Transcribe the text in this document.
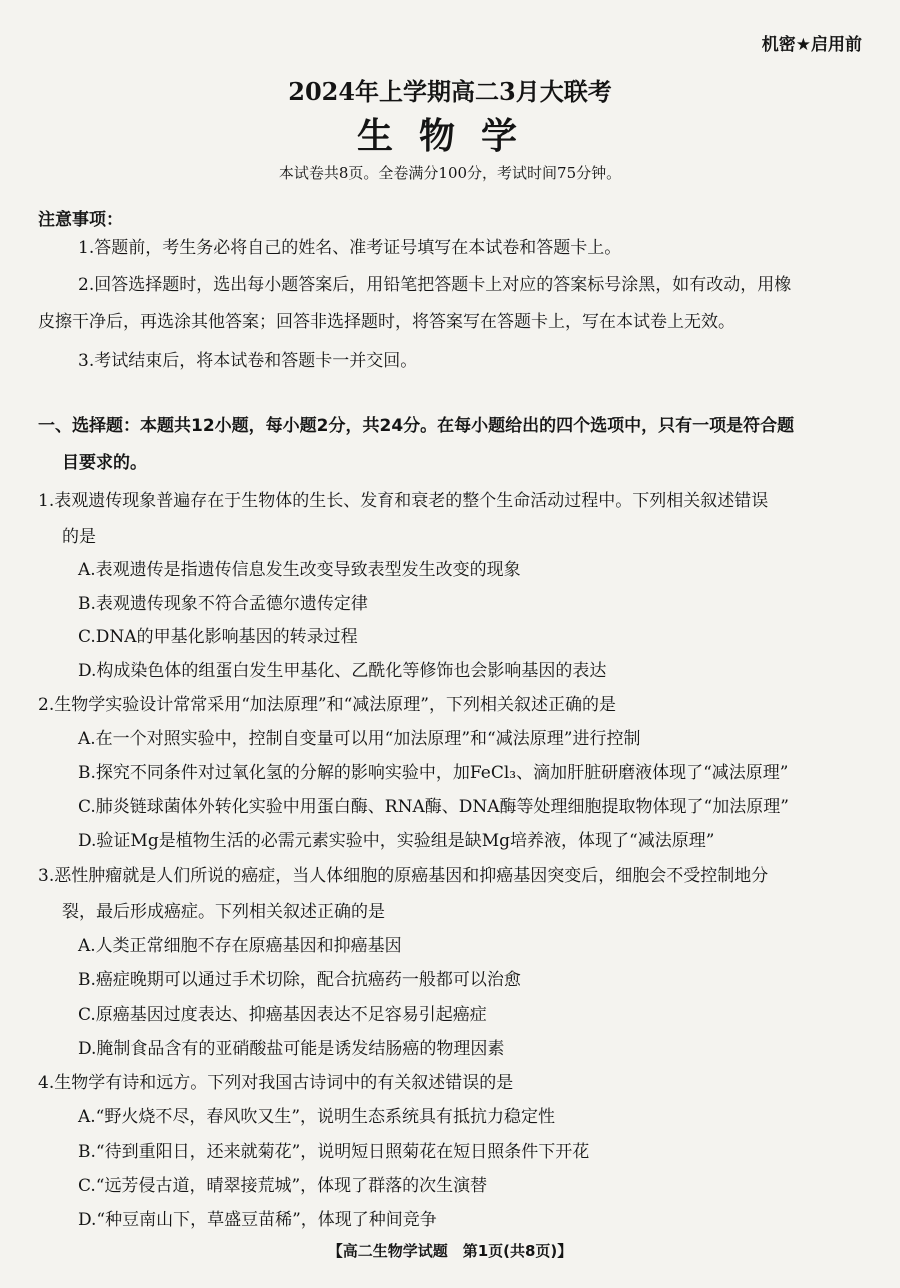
机密★启用前
2024年上学期高二3月大联考
生物学
本试卷共8页。全卷满分100分，考试时间75分钟。
注意事项：
1.答题前，考生务必将自己的姓名、准考证号填写在本试卷和答题卡上。
2.回答选择题时，选出每小题答案后，用铅笔把答题卡上对应的答案标号涂黑，如有改动，用橡
皮擦干净后，再选涂其他答案；回答非选择题时，将答案写在答题卡上，写在本试卷上无效。
3.考试结束后，将本试卷和答题卡一并交回。
一、选择题：本题共12小题，每小题2分，共24分。在每小题给出的四个选项中，只有一项是符合题
目要求的。
1.表观遗传现象普遍存在于生物体的生长、发育和衰老的整个生命活动过程中。下列相关叙述错误
的是
A.表观遗传是指遗传信息发生改变导致表型发生改变的现象
B.表观遗传现象不符合孟德尔遗传定律
C.DNA的甲基化影响基因的转录过程
D.构成染色体的组蛋白发生甲基化、乙酰化等修饰也会影响基因的表达
2.生物学实验设计常常采用“加法原理”和“减法原理”，下列相关叙述正确的是
A.在一个对照实验中，控制自变量可以用“加法原理”和“减法原理”进行控制
B.探究不同条件对过氧化氢的分解的影响实验中，加FeCl₃、滴加肝脏研磨液体现了“减法原理”
C.肺炎链球菌体外转化实验中用蛋白酶、RNA酶、DNA酶等处理细胞提取物体现了“加法原理”
D.验证Mg是植物生活的必需元素实验中，实验组是缺Mg培养液，体现了“减法原理”
3.恶性肿瘤就是人们所说的癌症，当人体细胞的原癌基因和抑癌基因突变后，细胞会不受控制地分
裂，最后形成癌症。下列相关叙述正确的是
A.人类正常细胞不存在原癌基因和抑癌基因
B.癌症晚期可以通过手术切除，配合抗癌药一般都可以治愈
C.原癌基因过度表达、抑癌基因表达不足容易引起癌症
D.腌制食品含有的亚硝酸盐可能是诱发结肠癌的物理因素
4.生物学有诗和远方。下列对我国古诗词中的有关叙述错误的是
A.“野火烧不尽，春风吹又生”，说明生态系统具有抵抗力稳定性
B.“待到重阳日，还来就菊花”，说明短日照菊花在短日照条件下开花
C.“远芳侵古道，晴翠接荒城”，体现了群落的次生演替
D.“种豆南山下，草盛豆苗稀”，体现了种间竞争
【高二生物学试题　第1页(共8页)】
